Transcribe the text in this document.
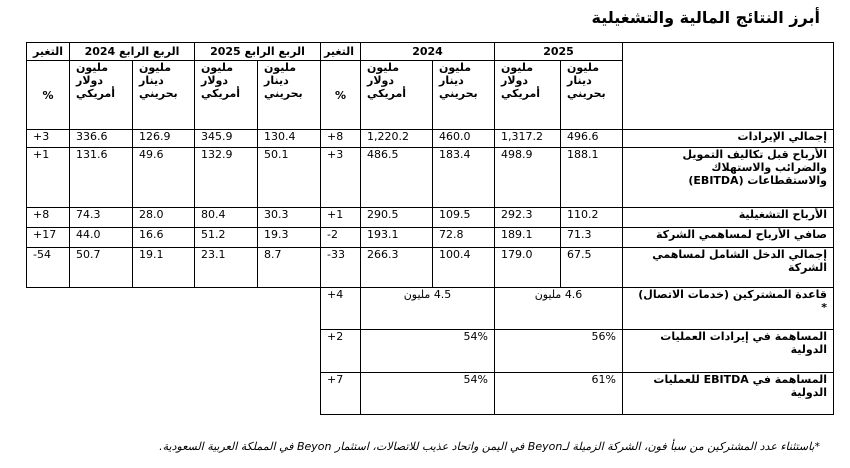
أبرز النتائج المالية والتشغيلية
	2025		2024		التغير	الربع الرابع 2025		الربع الرابع 2024		التغير
	مليون
دينار
بحريني	مليون
دولار
أمريكي	مليون
دينار
بحريني	مليون
دولار
أمريكي	%	مليون
دينار
بحريني	مليون
دولار
أمريكي	مليون
دينار
بحريني	مليون
دولار
أمريكي	%
إجمالي الإيرادات	496.6	1,317.2	460.0	1,220.2	+8	130.4	345.9	126.9	336.6	+3
الأرباح قبل تكاليف التمويل والضرائب والاستهلاك والاستقطاعات (EBITDA)	188.1	498.9	183.4	486.5	+3	50.1	132.9	49.6	131.6	+1
الأرباح التشغيلية	110.2	292.3	109.5	290.5	+1	30.3	80.4	28.0	74.3	+8
صافي الأرباح لمساهمي الشركة	71.3	189.1	72.8	193.1	-2	19.3	51.2	16.6	44.0	+17
إجمالي الدخل الشامل لمساهمي الشركة	67.5	179.0	100.4	266.3	-33	8.7	23.1	19.1	50.7	-54
قاعدة المشتركين (خدمات الاتصال) *	4.6 مليون		4.5 مليون		+4					
المساهمة في إيرادات العمليات الدولية	56%		54%		+2					
المساهمة في EBITDA للعمليات الدولية	61%		54%		+7					
*باستثناء عدد المشتركين من سبأ فون، الشركة الزميلة لـBeyon في اليمن واتحاد عذيب للاتصالات، استثمار Beyon في المملكة العربية السعودية.
